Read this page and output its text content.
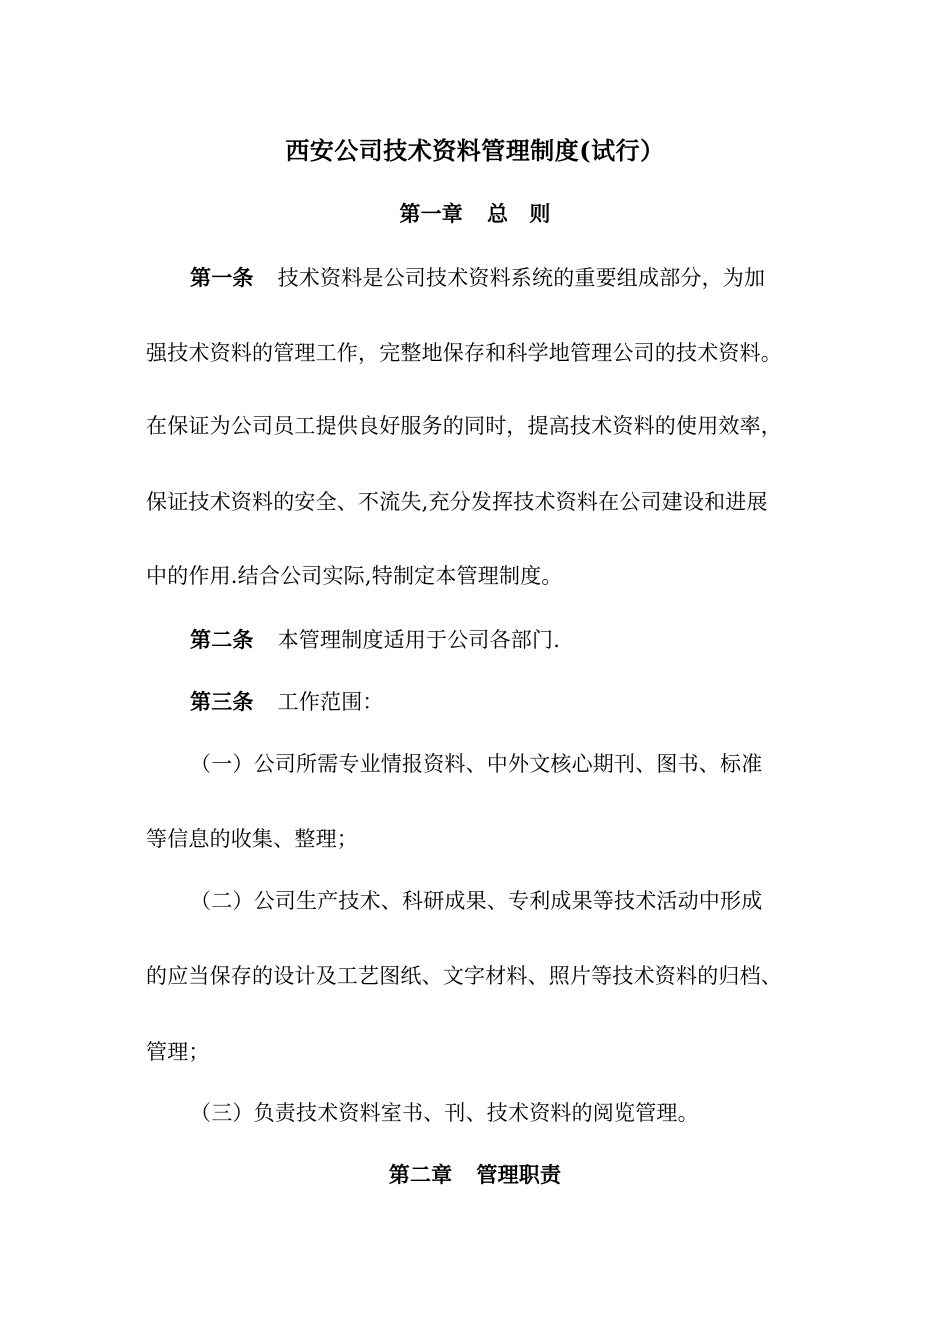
西安公司技术资料管理制度(试行）
第一章 总　则
第一条 技术资料是公司技术资料系统的重要组成部分，为加
强技术资料的管理工作，完整地保存和科学地管理公司的技术资料。
在保证为公司员工提供良好服务的同时，提高技术资料的使用效率，
保证技术资料的安全、不流失,充分发挥技术资料在公司建设和进展
中的作用.结合公司实际,特制定本管理制度。
第二条 本管理制度适用于公司各部门.
第三条 工作范围：
（一）公司所需专业情报资料、中外文核心期刊、图书、标准
等信息的收集、整理；
（二）公司生产技术、科研成果、专利成果等技术活动中形成
的应当保存的设计及工艺图纸、文字材料、照片等技术资料的归档、
管理；
（三）负责技术资料室书、刊、技术资料的阅览管理。
第二章 管理职责
